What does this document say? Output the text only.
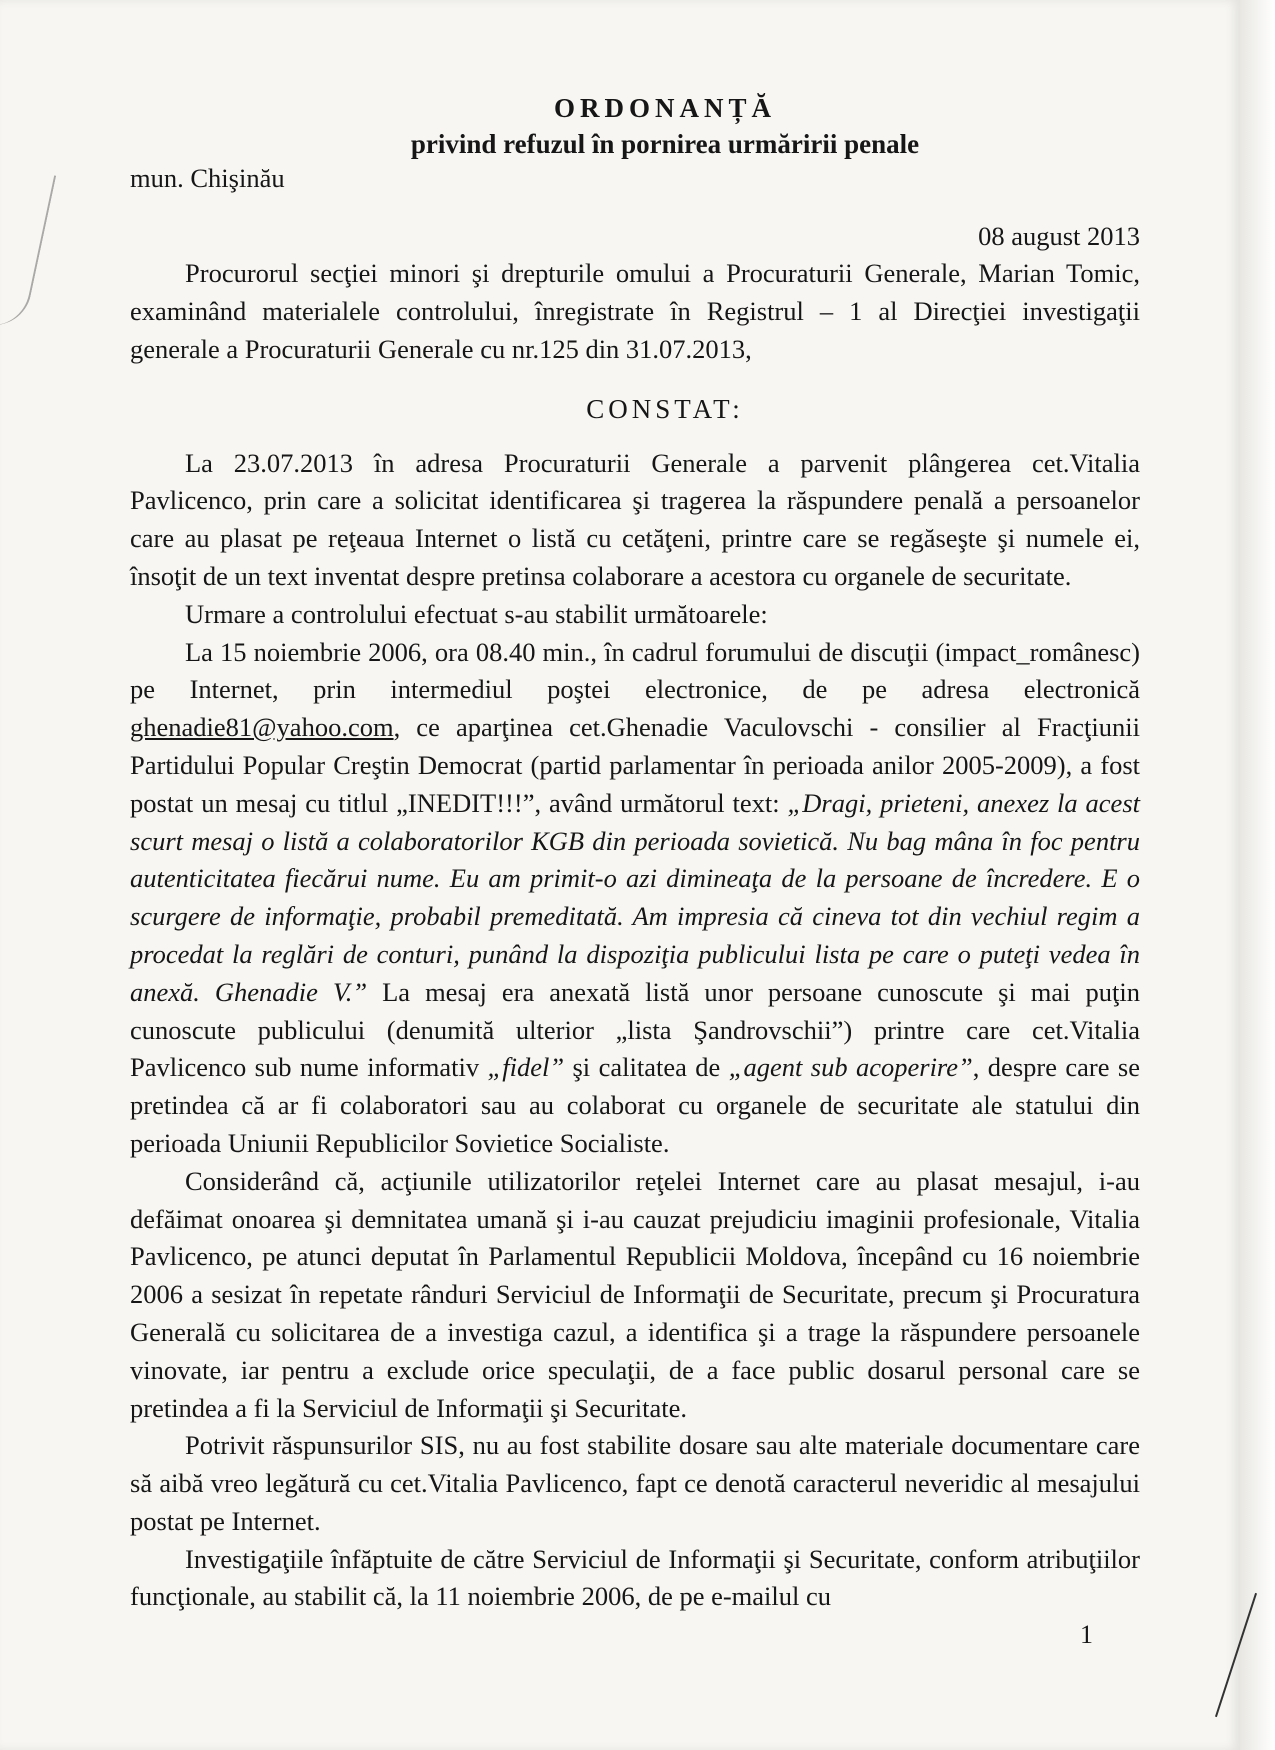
ORDONANȚĂ
privind refuzul în pornirea urmăririi penale
mun. Chişinău
08 august 2013

Procurorul secţiei minori şi drepturile omului a Procuraturii Generale, Marian Tomic, examinând materialele controlului, înregistrate în Registrul – 1 al Direcţiei investigaţii generale a Procuraturii Generale cu nr.125 din 31.07.2013,

CONSTAT:

La 23.07.2013 în adresa Procuraturii Generale a parvenit plângerea cet.Vitalia Pavlicenco, prin care a solicitat identificarea şi tragerea la răspundere penală a persoanelor care au plasat pe reţeaua Internet o listă cu cetăţeni, printre care se regăseşte şi numele ei, însoţit de un text inventat despre pretinsa colaborare a acestora cu organele de securitate.

Urmare a controlului efectuat s-au stabilit următoarele:

La 15 noiembrie 2006, ora 08.40 min., în cadrul forumului de discuţii (impact_românesc) pe Internet, prin intermediul poştei electronice, de pe adresa electronică ghenadie81@yahoo.com, ce aparţinea cet.Ghenadie Vaculovschi - consilier al Fracţiunii Partidului Popular Creştin Democrat (partid parlamentar în perioada anilor 2005-2009), a fost postat un mesaj cu titlul „INEDIT!!!”, având următorul text: „Dragi, prieteni, anexez la acest scurt mesaj o listă a colaboratorilor KGB din perioada sovietică. Nu bag mâna în foc pentru autenticitatea fiecărui nume. Eu am primit-o azi dimineaţa de la persoane de încredere. E o scurgere de informaţie, probabil premeditată. Am impresia că cineva tot din vechiul regim a procedat la reglări de conturi, punând la dispoziţia publicului lista pe care o puteţi vedea în anexă. Ghenadie V.” La mesaj era anexată listă unor persoane cunoscute şi mai puţin cunoscute publicului (denumită ulterior „lista Şandrovschii”) printre care cet.Vitalia Pavlicenco sub nume informativ „fidel” şi calitatea de „agent sub acoperire”, despre care se pretindea că ar fi colaboratori sau au colaborat cu organele de securitate ale statului din perioada Uniunii Republicilor Sovietice Socialiste.

Considerând că, acţiunile utilizatorilor reţelei Internet care au plasat mesajul, i-au defăimat onoarea şi demnitatea umană şi i-au cauzat prejudiciu imaginii profesionale, Vitalia Pavlicenco, pe atunci deputat în Parlamentul Republicii Moldova, începând cu 16 noiembrie 2006 a sesizat în repetate rânduri Serviciul de Informaţii de Securitate, precum şi Procuratura Generală cu solicitarea de a investiga cazul, a identifica şi a trage la răspundere persoanele vinovate, iar pentru a exclude orice speculaţii, de a face public dosarul personal care se pretindea a fi la Serviciul de Informaţii şi Securitate.

Potrivit răspunsurilor SIS, nu au fost stabilite dosare sau alte materiale documentare care să aibă vreo legătură cu cet.Vitalia Pavlicenco, fapt ce denotă caracterul neveridic al mesajului postat pe Internet.

Investigaţiile înfăptuite de către Serviciul de Informaţii şi Securitate, conform atribuţiilor funcţionale, au stabilit că, la 11 noiembrie 2006, de pe e-mailul cu

1
